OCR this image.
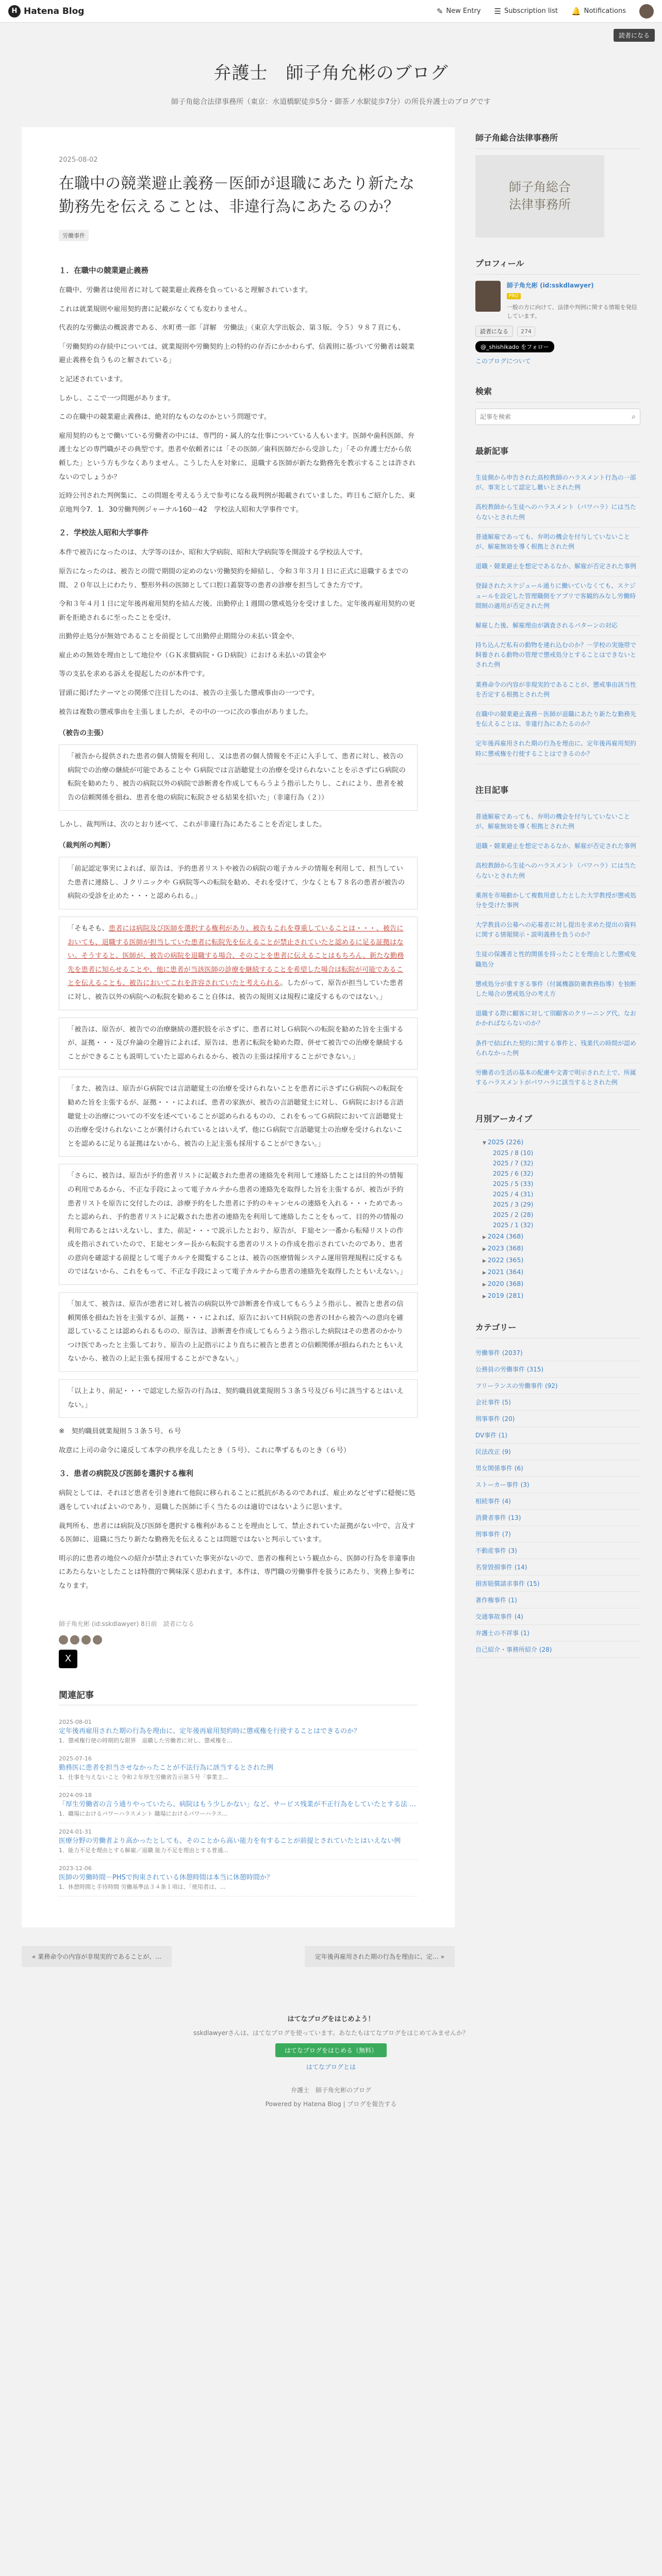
H Hatena Blog	✎ New Entry ☰ Subscription list 🔔 Notifications
読者になる
弁護士　師子角允彬のブログ

師子角総合法律事務所（東京：水道橋駅徒歩5分・御茶ノ水駅徒歩7分）の所長弁護士のブログです

2025-08-02
在職中の競業避止義務－医師が退職にあたり新たな勤務先を伝えることは、非違行為にあたるのか？
労働事件
１．在職中の競業避止義務

在職中、労働者は使用者に対して競業避止義務を負っていると理解されています。

これは就業規則や雇用契約書に記載がなくても変わりません。

代表的な労働法の概説書である、水町勇一郎「詳解　労働法」（東京大学出版会、第３版、令５）９８７頁にも、

「労働契約の存続中については、就業規則や労働契約上の特約の存否にかかわらず、信義則に基づいて労働者は競業避止義務を負うものと解されている」

と記述されています。

しかし、ここで一つ問題があります。

この在職中の競業避止義務は、絶対的なものなのかという問題です。

雇用契約のもとで働いている労働者の中には、専門的・属人的な仕事についている人もいます。医師や歯科医師、弁護士などの専門職がその典型です。患者や依頼者には「その医師／歯科医師だから受診した」「その弁護士だから依頼した」という方も少なくありません。こうした人を対象に、退職する医師が新たな勤務先を教示することは許されないのでしょうか？

近時公刊された判例集に、この問題を考えるうえで参考になる裁判例が掲載されていました。昨日もご紹介した、東京地判令7．1．30労働判例ジャーナル160－42　学校法人昭和大学事件です。

２．学校法人昭和大学事件

本件で被告になったのは、大学等のほか、昭和大学病院、昭和大学病院等を開設する学校法人です。

原告になったのは、被告との間で期間の定めのない労働契約を締結し、令和３年３月１日に正式に退職するまでの間、２０年以上にわたり、整形外科の医師として口腔口蓋裂等の患者の診療を担当してきた方です。

令和３年４月１日に定年後再雇用契約を結んだ後、出勤停止１週間の懲戒処分を受けました。定年後再雇用契約の更新を拒絶されるに至ったことを受け、

出勤停止処分が無効であることを前提として出勤停止期間分の未払い賃金や、

雇止めの無効を理由として地位や（ＧＫ求償病院・ＧＤ病院）における未払いの賃金や

等の支払を求める訴えを提起したのが本件です。

冒頭に掲げたテーマとの関係で注目したのは、被告の主張した懲戒事由の一つです。

被告は複数の懲戒事由を主張しましたが、その中の一つに次の事由がありました。

（被告の主張）
「被告から提供された患者の個人情報を利用し、又は患者の個人情報を不正に入手して、患者に対し、被告の病院での治療の継続が可能であることや Ｇ病院では言語聴覚士の治療を受けられないことを示さずにＧ病院の転院を勧めたり、被告の病院以外の病院で診断書を作成してもらうよう指示したりし、これにより、患者を被告の信頼関係を損ね、患者を他の病院に転院させる結果を招いた」（非違行為（２））

しかし、裁判所は、次のとおり述べて、これが非違行為にあたることを否定しました。

（裁判所の判断）
「前記認定事実によれば、原告は、予約患者リストや被告の病院の電子カルテの情報を利用して、担当していた患者に連絡し、Ｊクリニックや Ｇ病院等への転院を勧め、それを受けて、少なくとも７８名の患者が被告の病院の受診を止めた・・・と認められる。」
「そもそも、患者には病院及び医師を選択する権利があり、被告もこれを尊重していることは・・・、被告においても、退職する医師が担当していた患者に転院先を伝えることが禁止されていたと認めるに足る証拠はない。そうすると、医師が、被告の病院を退職する場合、そのことを患者に伝えることはもちろん、新たな勤務先を患者に知らせることや、他に患者が当該医師の診療を継続することを希望した場合は転院が可能であることを伝えることも、被告においてこれを許容されていたと考えられる。したがって、原告が担当していた患者に対し、被告以外の病院への転院を勧めること自体は、被告の規則又は規程に違反するものではない。」
「被告は、原告が、被告での治療継続の選択肢を示さずに、患者に対しＧ病院への転院を勧めた旨を主張するが、証拠・・・及び弁論の全趣旨によれば、原告は、患者に転院を勧めた際、併せて被告での治療を継続することができることも説明していたと認められるから、被告の主張は採用することができない。」
「また、被告は、原告がＧ病院では言語聴覚士の治療を受けられないことを患者に示さずにＧ病院への転院を勧めた旨を主張するが、証拠・・・によれば、患者の家族が、被告の言語聴覚士に対し、Ｇ病院における言語聴覚士の治療についての不安を述べていることが認められるものの、これをもってＧ病院において言語聴覚士の治療を受けられないことが裏付けられているとはいえず、他にＧ病院で言語聴覚士の治療を受けられないことを認めるに足りる証拠はないから、被告の上記主張も採用することができない。」
「さらに、被告は、原告が予約患者リストに記載された患者の連絡先を利用して連絡したことは目的外の情報の利用であるから、不正な手段によって電子カルテから患者の連絡先を取得した旨を主張するが、被告が予約患者リストを原告に交付したのは、診療予約をした患者に予約のキャンセルの連絡を入れる・・・ためであったと認められ、予約患者リストに記載された患者の連絡先を利用して連絡したことをもって、目的外の情報の利用であるとはいえないし、また、前記・・・で説示したとおり、原告が、Ｆ総セン一番から転帰リストの作成を指示されていたので、Ｅ総センター長から転院する患者のリストの作成を指示されていたのであり、患者の意向を確認する前提として電子カルテを閲覧することは、被告の医療情報システム運用管理規程に反するものではないから、これをもって、不正な手段によって電子カルテから患者の連絡先を取得したともいえない。」
「加えて、被告は、原告が患者に対し被告の病院以外で診断書を作成してもらうよう指示し、被告と患者の信頼関係を損ねた旨を主張するが、証拠・・・によれば、原告においてＨ病院の患者のＨから被告への意向を確認していることは認められるものの、原告は、診断書を作成してもらうよう指示した病院はその患者のかかりつけ医であったと主張しており、原告の上記指示により直ちに被告と患者との信頼関係が損ねられたともいえないから、被告の上記主張も採用することができない。」
「以上より、前記・・・で認定した原告の行為は、契約職員就業規則５３条５号及び６号に該当するとはいえない。」

※　契約職員就業規則５３条５号、６号

故意に上司の命令に違反して本学の秩序を乱したとき（５号）、これに準ずるものとき（６号）

３．患者の病院及び医師を選択する権利

病院としては、それほど患者を引き連れて他院に移られることに抵抗があるのであれば、雇止めなどせずに穏便に処遇をしていればよいのであり、退職した医師に手く当たるのは適切ではないように思います。

裁判所も、患者には病院及び医師を選択する権利があることを理由として、禁止されていた証拠がない中で、言及する医師に、退職に当たり新たな勤務先を伝えることは問題ではないと判示しています。

明示的に患者の地位への紹介が禁止されていた事実がないので、患者の権利という観点から、医師の行為を非違事由にあたらないとしたことは特徴的で興味深く思われます。本件は、専門職の労働事件を扱うにあたり、実務上参考になります。

師子角允彬 (id:sskdlawyer) 8日前　読者になる
X
関連記事
2025-08-01
定年後再雇用された期の行為を理由に、定年後再雇用契約時に懲戒権を行使することはできるのか？
1．懲戒権行使の時期的な限界　退職した労働者に対し、懲戒権を...
2025-07-16
勤務医に患者を担当させなかったことが不法行為に該当するとされた例
1．仕事を与えないこと 令和２年厚生労働省告示第５号「事業主...
2024-09-18
「厚生労働省の言う通りやっていたら、病院はもう少しかない」など、サービス残業が不正行為をしていたとする法 …
1．職場におけるパワーハラスメント 職場におけるパワーハラス...
2024-01-31
医療分野の労働者より高かったとしても、そのことから高い能力を有することが前提とされていたとはいえない例
1．能力不足を理由とする解雇／退職 能力不足を理由とする普通...
2023-12-06
医師の労働時間－PHSで拘束されている休憩時間は本当に休憩時間か？
1．休憩時間と手待時間 労働基準法３４条１項は、「使用者は、...
« 業務命令の内容が非現実的であることが、…	定年後再雇用された期の行為を理由に、定… »
師子角総合法律事務所
師子角総合
法律事務所
プロフィール
師子角允彬 (id:sskdlawyer)
PRO
一般の方に向けて、法律や判例に関する情報を発信しています。
読者になる	274
@_shishikado をフォロー
このブログについて
検索
記事を検索
⌕
最新記事
生徒側から申告された高校教師のハラスメント行為の一部が、事実として認定し難いとされた例
高校教師から生徒へのハラスメント（パワハラ）には当たらないとされた例
普通解雇であっても、弁明の機会を付与していないことが、解雇無効を導く根拠とされた例
退職・競業避止を想定であるなか、解雇が否定された事例
登録されたスケジュール通りに働いていなくても、スケジュールを設定した管理職側をアプリで客観的みなし労働時間制の適用が否定された例
解雇した後、解雇理由が調査されるパターンの対応
持ち込んだ私有の動物を連れ込むのか？－学校の実施帯で飼養される動物の管理で懲戒処分とすることはできないとされた例
業務命令の内容が非現実的であることが、懲戒事由該当性を否定する根拠とされた例
在職中の競業避止義務－医師が退職にあたり新たな勤務先を伝えることは、非違行為にあたるのか？
定年後再雇用された期の行為を理由に、定年後再雇用契約時に懲戒権を行使することはできるのか？
注目記事
普通解雇であっても、弁明の機会を付与していないことが、解雇無効を導く根拠とされた例
退職・競業避止を想定であるなか、解雇が否定された事例
高校教師から生徒へのハラスメント（パワハラ）には当たらないとされた例
薬剤を市場動かして複数用意したとした大学教授が懲戒処分を受けた事例
大学教員の公募への応募者に対し提出を求めた提出の資料に関する情報開示・説明義務を負うのか？
生徒の保護者と性的関係を持ったことを理由とした懲戒免職処分
懲戒処分が重すぎる事件（付属機器防衛教務指導）を独断した場合の懲戒処分の考え方
退職する際に顧客に対して別顧客のクリーニング代、なおかかればならないのか？
条件で結ばれた契約に関する事件と、残業代の時間が認められなかった例
労働者の生活の基本の配慮や文書で明示された上で、所属するハラスメントがパワハラに該当するとされた例
月別アーカイブ
▼ 2025 (226)
2025 / 8 (10)
2025 / 7 (32)
2025 / 6 (32)
2025 / 5 (33)
2025 / 4 (31)
2025 / 3 (29)
2025 / 2 (28)
2025 / 1 (32)
▶ 2024 (368)
▶ 2023 (368)
▶ 2022 (365)
▶ 2021 (364)
▶ 2020 (368)
▶ 2019 (281)
カテゴリー
労働事件 (2037)
公務員の労働事件 (315)
フリーランスの労働事件 (92)
会社事件 (5)
刑事事件 (20)
DV事件 (1)
民法改正 (9)
男女関係事件 (6)
ストーカー事件 (3)
相続事件 (4)
消費者事件 (13)
刑事事件 (7)
不動産事件 (3)
名誉毀損事件 (14)
損害賠償請求事件 (15)
著作権事件 (1)
交通事故事件 (4)
弁護士の不祥事 (1)
自己紹介・事務所紹介 (28)
はてなブログをはじめよう！
sskdlawyerさんは、はてなブログを使っています。あなたもはてなブログをはじめてみませんか？
はてなブログをはじめる（無料）
はてなブログとは
弁護士　師子角允彬のブログ
Powered by Hatena Blog | ブログを報告する
